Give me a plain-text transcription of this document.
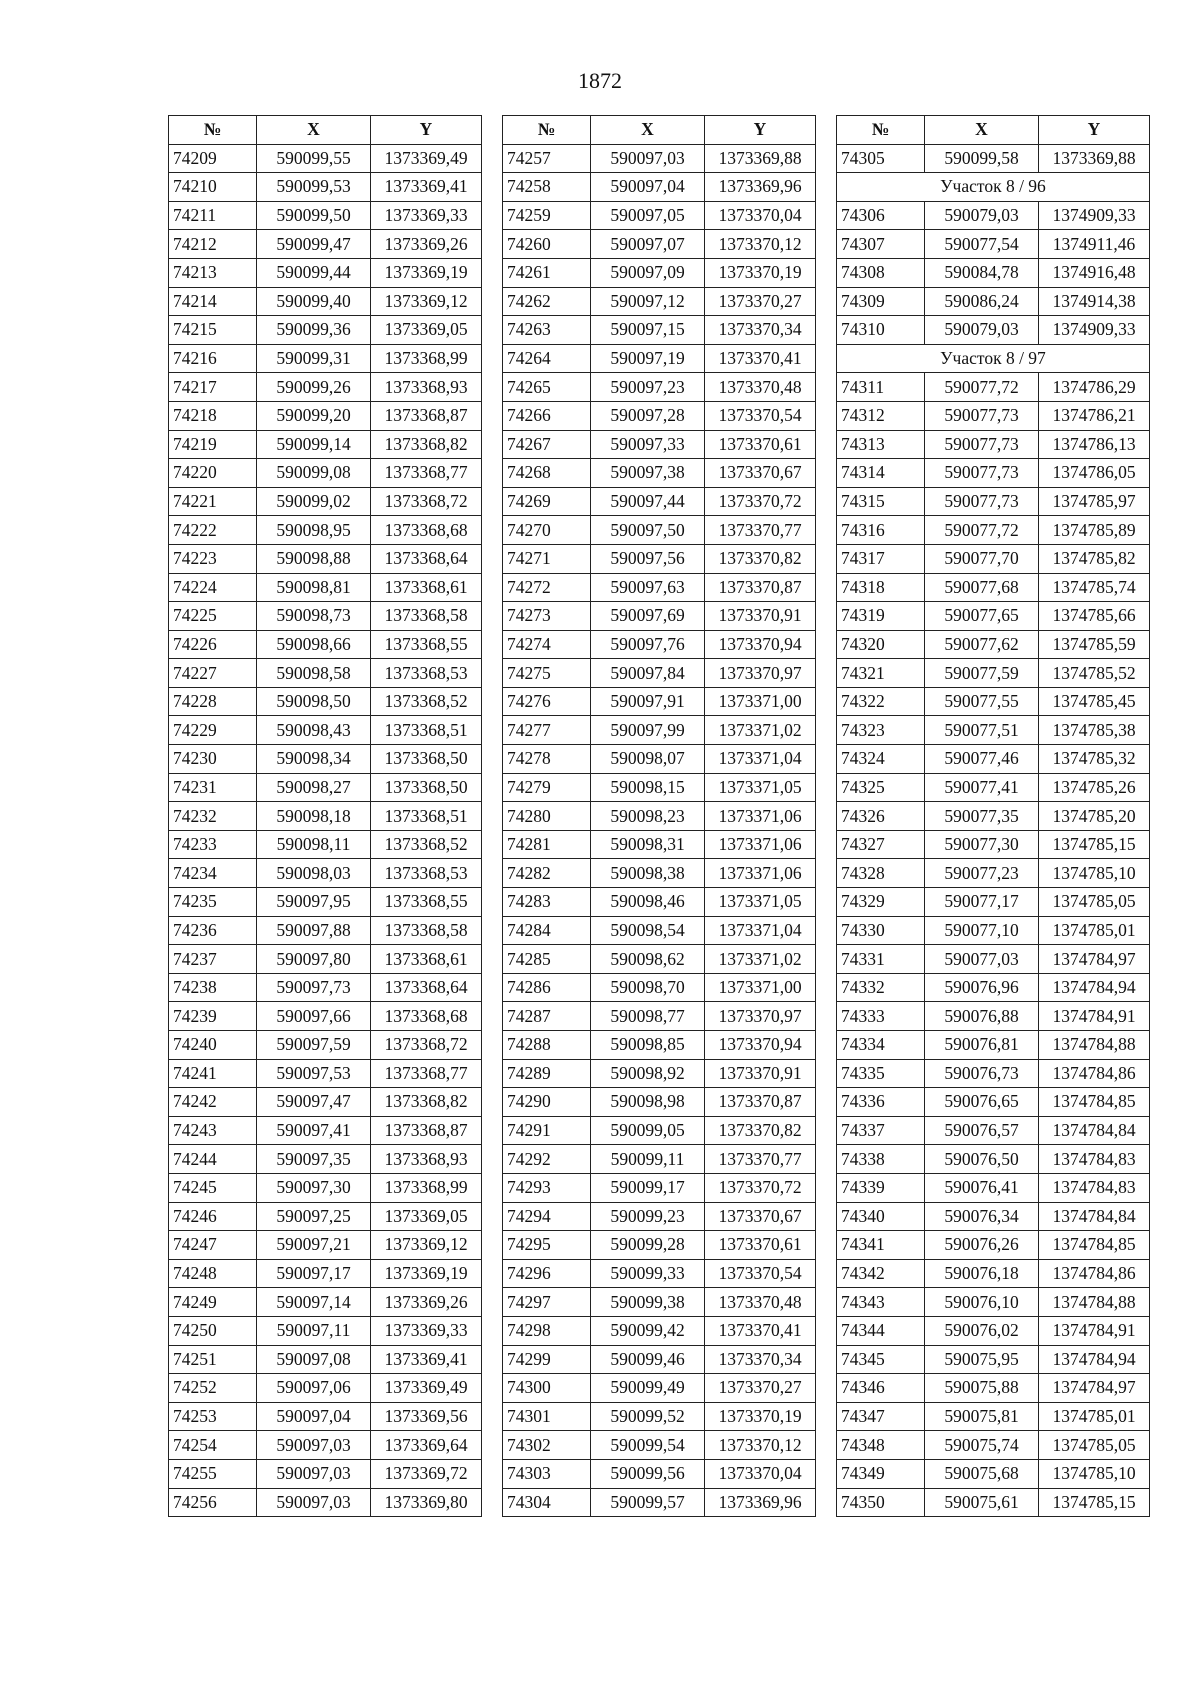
1872
№	X	Y
74209	590099,55	1373369,49
74210	590099,53	1373369,41
74211	590099,50	1373369,33
74212	590099,47	1373369,26
74213	590099,44	1373369,19
74214	590099,40	1373369,12
74215	590099,36	1373369,05
74216	590099,31	1373368,99
74217	590099,26	1373368,93
74218	590099,20	1373368,87
74219	590099,14	1373368,82
74220	590099,08	1373368,77
74221	590099,02	1373368,72
74222	590098,95	1373368,68
74223	590098,88	1373368,64
74224	590098,81	1373368,61
74225	590098,73	1373368,58
74226	590098,66	1373368,55
74227	590098,58	1373368,53
74228	590098,50	1373368,52
74229	590098,43	1373368,51
74230	590098,34	1373368,50
74231	590098,27	1373368,50
74232	590098,18	1373368,51
74233	590098,11	1373368,52
74234	590098,03	1373368,53
74235	590097,95	1373368,55
74236	590097,88	1373368,58
74237	590097,80	1373368,61
74238	590097,73	1373368,64
74239	590097,66	1373368,68
74240	590097,59	1373368,72
74241	590097,53	1373368,77
74242	590097,47	1373368,82
74243	590097,41	1373368,87
74244	590097,35	1373368,93
74245	590097,30	1373368,99
74246	590097,25	1373369,05
74247	590097,21	1373369,12
74248	590097,17	1373369,19
74249	590097,14	1373369,26
74250	590097,11	1373369,33
74251	590097,08	1373369,41
74252	590097,06	1373369,49
74253	590097,04	1373369,56
74254	590097,03	1373369,64
74255	590097,03	1373369,72
74256	590097,03	1373369,80
№	X	Y
74257	590097,03	1373369,88
74258	590097,04	1373369,96
74259	590097,05	1373370,04
74260	590097,07	1373370,12
74261	590097,09	1373370,19
74262	590097,12	1373370,27
74263	590097,15	1373370,34
74264	590097,19	1373370,41
74265	590097,23	1373370,48
74266	590097,28	1373370,54
74267	590097,33	1373370,61
74268	590097,38	1373370,67
74269	590097,44	1373370,72
74270	590097,50	1373370,77
74271	590097,56	1373370,82
74272	590097,63	1373370,87
74273	590097,69	1373370,91
74274	590097,76	1373370,94
74275	590097,84	1373370,97
74276	590097,91	1373371,00
74277	590097,99	1373371,02
74278	590098,07	1373371,04
74279	590098,15	1373371,05
74280	590098,23	1373371,06
74281	590098,31	1373371,06
74282	590098,38	1373371,06
74283	590098,46	1373371,05
74284	590098,54	1373371,04
74285	590098,62	1373371,02
74286	590098,70	1373371,00
74287	590098,77	1373370,97
74288	590098,85	1373370,94
74289	590098,92	1373370,91
74290	590098,98	1373370,87
74291	590099,05	1373370,82
74292	590099,11	1373370,77
74293	590099,17	1373370,72
74294	590099,23	1373370,67
74295	590099,28	1373370,61
74296	590099,33	1373370,54
74297	590099,38	1373370,48
74298	590099,42	1373370,41
74299	590099,46	1373370,34
74300	590099,49	1373370,27
74301	590099,52	1373370,19
74302	590099,54	1373370,12
74303	590099,56	1373370,04
74304	590099,57	1373369,96
№	X	Y
74305	590099,58	1373369,88
Участок 8 / 96		
74306	590079,03	1374909,33
74307	590077,54	1374911,46
74308	590084,78	1374916,48
74309	590086,24	1374914,38
74310	590079,03	1374909,33
Участок 8 / 97		
74311	590077,72	1374786,29
74312	590077,73	1374786,21
74313	590077,73	1374786,13
74314	590077,73	1374786,05
74315	590077,73	1374785,97
74316	590077,72	1374785,89
74317	590077,70	1374785,82
74318	590077,68	1374785,74
74319	590077,65	1374785,66
74320	590077,62	1374785,59
74321	590077,59	1374785,52
74322	590077,55	1374785,45
74323	590077,51	1374785,38
74324	590077,46	1374785,32
74325	590077,41	1374785,26
74326	590077,35	1374785,20
74327	590077,30	1374785,15
74328	590077,23	1374785,10
74329	590077,17	1374785,05
74330	590077,10	1374785,01
74331	590077,03	1374784,97
74332	590076,96	1374784,94
74333	590076,88	1374784,91
74334	590076,81	1374784,88
74335	590076,73	1374784,86
74336	590076,65	1374784,85
74337	590076,57	1374784,84
74338	590076,50	1374784,83
74339	590076,41	1374784,83
74340	590076,34	1374784,84
74341	590076,26	1374784,85
74342	590076,18	1374784,86
74343	590076,10	1374784,88
74344	590076,02	1374784,91
74345	590075,95	1374784,94
74346	590075,88	1374784,97
74347	590075,81	1374785,01
74348	590075,74	1374785,05
74349	590075,68	1374785,10
74350	590075,61	1374785,15
